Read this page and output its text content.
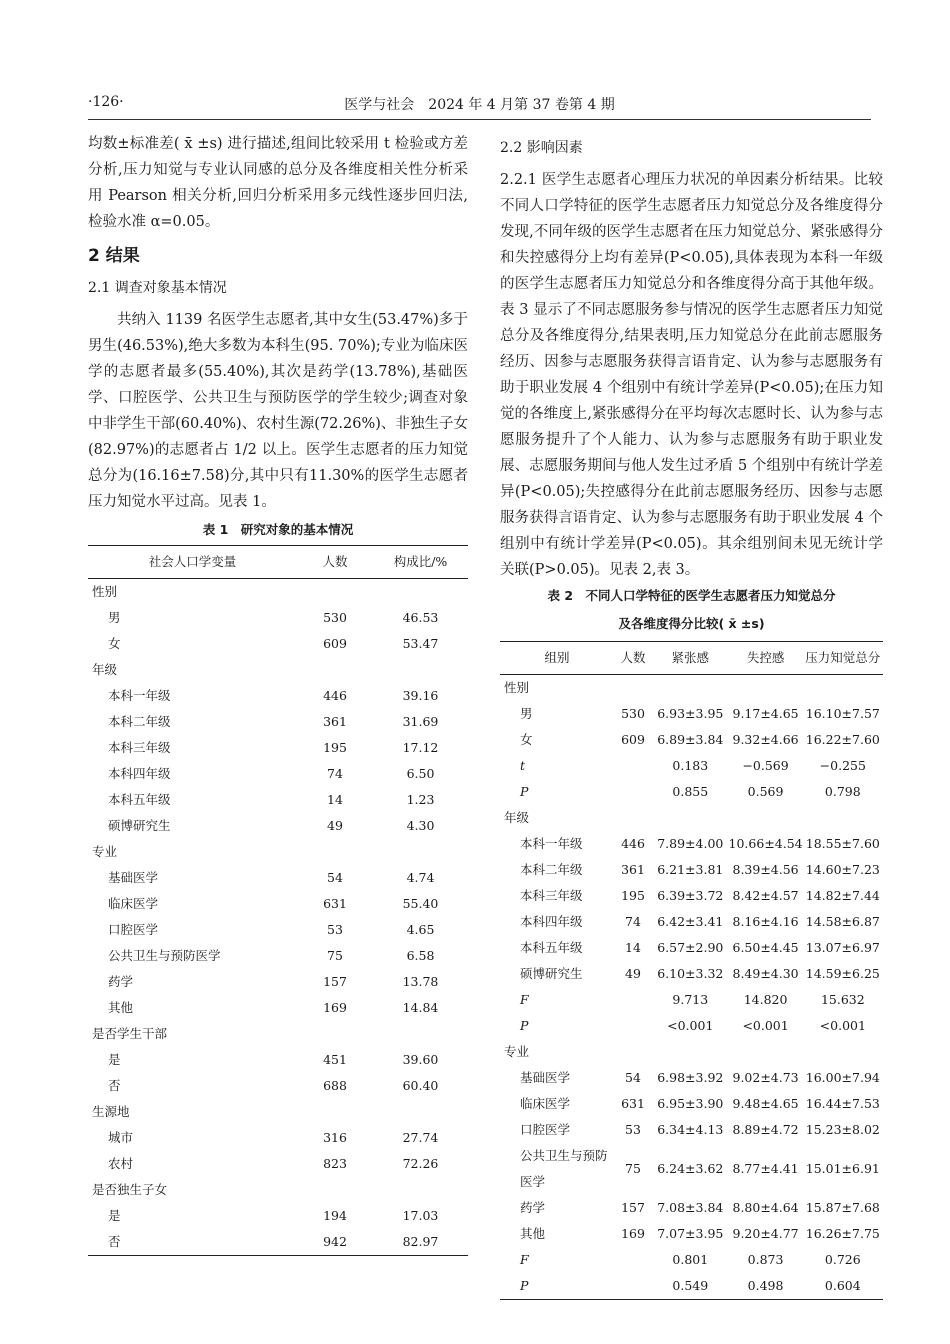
·126·	医学与社会　2024 年 4 月第 37 卷第 4 期

均数±标准差( x̄ ±s) 进行描述,组间比较采用 t 检验或方差分析,压力知觉与专业认同感的总分及各维度相关性分析采用 Pearson 相关分析,回归分析采用多元线性逐步回归法,检验水准 α=0.05。

2 结果
2.1 调查对象基本情况

共纳入 1139 名医学生志愿者,其中女生(53.47%)多于男生(46.53%),绝大多数为本科生(95. 70%);专业为临床医学的志愿者最多(55.40%),其次是药学(13.78%),基础医学、口腔医学、公共卫生与预防医学的学生较少;调查对象中非学生干部(60.40%)、农村生源(72.26%)、非独生子女(82.97%)的志愿者占 1/2 以上。医学生志愿者的压力知觉总分为(16.16±7.58)分,其中只有11.30%的医学生志愿者压力知觉水平过高。见表 1。

表 1　研究对象的基本情况
社会人口学变量	人数	构成比/%
性别		
男	530	46.53
女	609	53.47
年级		
本科一年级	446	39.16
本科二年级	361	31.69
本科三年级	195	17.12
本科四年级	74	6.50
本科五年级	14	1.23
硕博研究生	49	4.30
专业		
基础医学	54	4.74
临床医学	631	55.40
口腔医学	53	4.65
公共卫生与预防医学	75	6.58
药学	157	13.78
其他	169	14.84
是否学生干部		
是	451	39.60
否	688	60.40
生源地		
城市	316	27.74
农村	823	72.26
是否独生子女		
是	194	17.03
否	942	82.97
2.2 影响因素

2.2.1 医学生志愿者心理压力状况的单因素分析结果。比较不同人口学特征的医学生志愿者压力知觉总分及各维度得分发现,不同年级的医学生志愿者在压力知觉总分、紧张感得分和失控感得分上均有差异(P<0.05),具体表现为本科一年级的医学生志愿者压力知觉总分和各维度得分高于其他年级。表 3 显示了不同志愿服务参与情况的医学生志愿者压力知觉总分及各维度得分,结果表明,压力知觉总分在此前志愿服务经历、因参与志愿服务获得言语肯定、认为参与志愿服务有助于职业发展 4 个组别中有统计学差异(P<0.05);在压力知觉的各维度上,紧张感得分在平均每次志愿时长、认为参与志愿服务提升了个人能力、认为参与志愿服务有助于职业发展、志愿服务期间与他人发生过矛盾 5 个组别中有统计学差异(P<0.05);失控感得分在此前志愿服务经历、因参与志愿服务获得言语肯定、认为参与志愿服务有助于职业发展 4 个组别中有统计学差异(P<0.05)。其余组别间未见无统计学关联(P>0.05)。见表 2,表 3。

表 2　不同人口学特征的医学生志愿者压力知觉总分
及各维度得分比较( x̄ ±s)
组别	人数	紧张感	失控感	压力知觉总分
性别				
男	530	6.93±3.95	9.17±4.65	16.10±7.57
女	609	6.89±3.84	9.32±4.66	16.22±7.60
t		0.183	−0.569	−0.255
P		0.855	0.569	0.798
年级				
本科一年级	446	7.89±4.00	10.66±4.54	18.55±7.60
本科二年级	361	6.21±3.81	8.39±4.56	14.60±7.23
本科三年级	195	6.39±3.72	8.42±4.57	14.82±7.44
本科四年级	74	6.42±3.41	8.16±4.16	14.58±6.87
本科五年级	14	6.57±2.90	6.50±4.45	13.07±6.97
硕博研究生	49	6.10±3.32	8.49±4.30	14.59±6.25
F		9.713	14.820	15.632
P		<0.001	<0.001	<0.001
专业				
基础医学	54	6.98±3.92	9.02±4.73	16.00±7.94
临床医学	631	6.95±3.90	9.48±4.65	16.44±7.53
口腔医学	53	6.34±4.13	8.89±4.72	15.23±8.02
公共卫生与预防医学	75	6.24±3.62	8.77±4.41	15.01±6.91
药学	157	7.08±3.84	8.80±4.64	15.87±7.68
其他	169	7.07±3.95	9.20±4.77	16.26±7.75
F		0.801	0.873	0.726
P		0.549	0.498	0.604
